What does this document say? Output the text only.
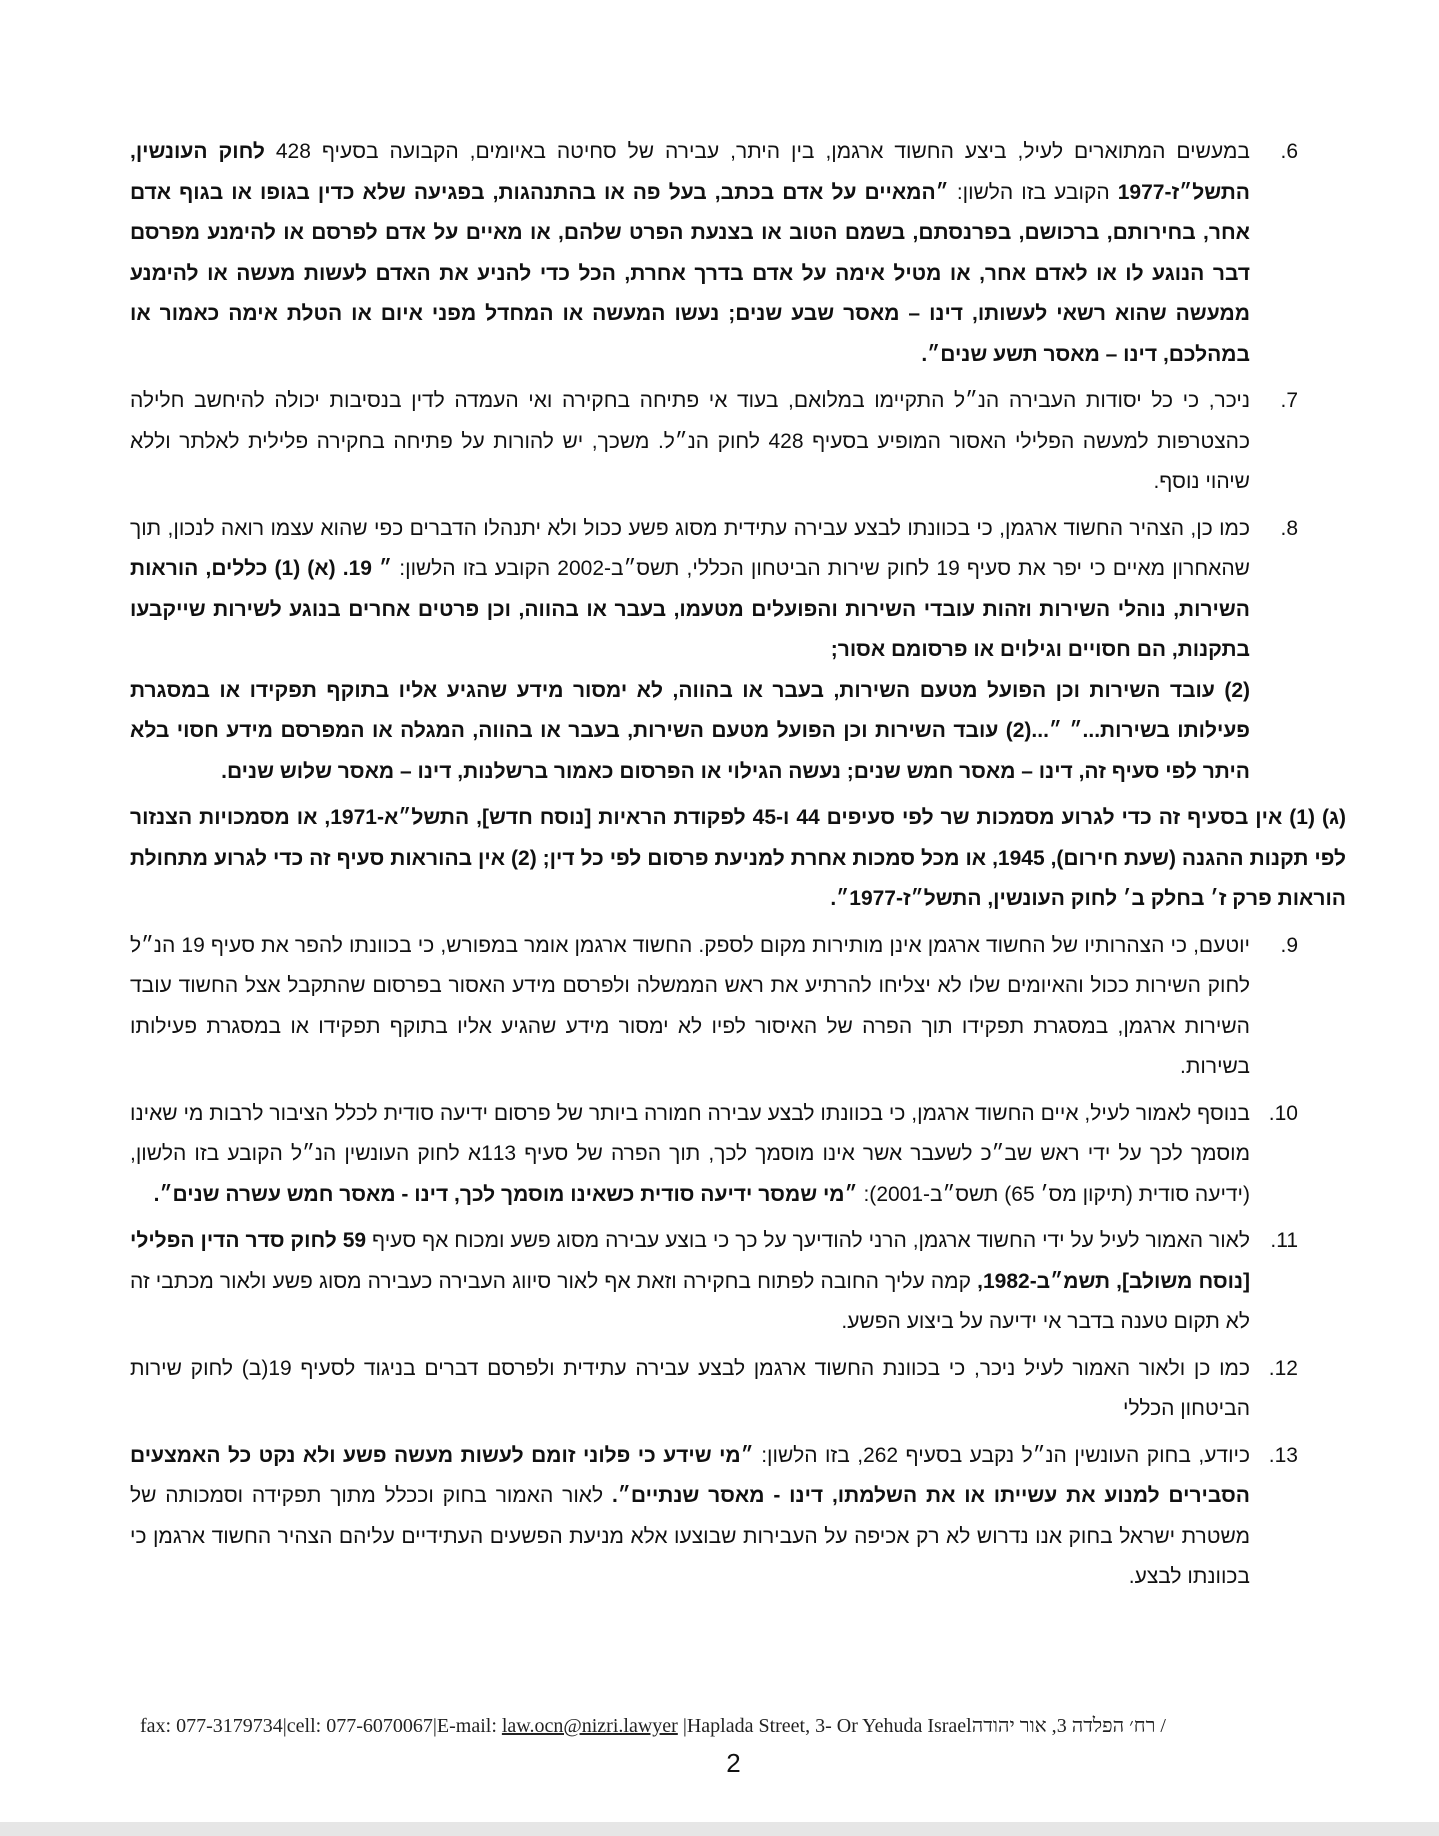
.6
במעשים המתוארים לעיל, ביצע החשוד ארגמן, בין היתר, עבירה של סחיטה באיומים, הקבועה בסעיף 428 לחוק העונשין, התשל״ז-1977 הקובע בזו הלשון: ״המאיים על אדם בכתב, בעל פה או בהתנהגות, בפגיעה שלא כדין בגופו או בגוף אדם אחר, בחירותם, ברכושם, בפרנסתם, בשמם הטוב או בצנעת הפרט שלהם, או מאיים על אדם לפרסם או להימנע מפרסם דבר הנוגע לו או לאדם אחר, או מטיל אימה על אדם בדרך אחרת, הכל כדי להניע את האדם לעשות מעשה או להימנע ממעשה שהוא רשאי לעשותו, דינו – מאסר שבע שנים; נעשו המעשה או המחדל מפני איום או הטלת אימה כאמור או במהלכם, דינו – מאסר תשע שנים״.
.7
ניכר, כי כל יסודות העבירה הנ״ל התקיימו במלואם, בעוד אי פתיחה בחקירה ואי העמדה לדין בנסיבות יכולה להיחשב חלילה כהצטרפות למעשה הפלילי האסור המופיע בסעיף 428 לחוק הנ״ל. משכך, יש להורות על פתיחה בחקירה פלילית לאלתר וללא שיהוי נוסף.
.8
כמו כן, הצהיר החשוד ארגמן, כי בכוונתו לבצע עבירה עתידית מסוג פשע ככול ולא יתנהלו הדברים כפי שהוא עצמו רואה לנכון, תוך שהאחרון מאיים כי יפר את סעיף 19 לחוק שירות הביטחון הכללי, תשס״ב-2002 הקובע בזו הלשון: ״ 19. (א) (1) כללים, הוראות השירות, נוהלי השירות וזהות עובדי השירות והפועלים מטעמו, בעבר או בהווה, וכן פרטים אחרים בנוגע לשירות שייקבעו בתקנות, הם חסויים וגילוים או פרסומם אסור;
(2) עובד השירות וכן הפועל מטעם השירות, בעבר או בהווה, לא ימסור מידע שהגיע אליו בתוקף תפקידו או במסגרת פעילותו בשירות...״ ״...(2) עובד השירות וכן הפועל מטעם השירות, בעבר או בהווה, המגלה או המפרסם מידע חסוי בלא היתר לפי סעיף זה, דינו – מאסר חמש שנים; נעשה הגילוי או הפרסום כאמור ברשלנות, דינו – מאסר שלוש שנים.
(ג) (1) אין בסעיף זה כדי לגרוע מסמכות שר לפי סעיפים 44 ו-45 לפקודת הראיות [נוסח חדש], התשל״א-1971, או מסמכויות הצנזור לפי תקנות ההגנה (שעת חירום), 1945, או מכל סמכות אחרת למניעת פרסום לפי כל דין; (2) אין בהוראות סעיף זה כדי לגרוע מתחולת הוראות פרק ז׳ בחלק ב׳ לחוק העונשין, התשל״ז-1977״.
.9
יוטעם, כי הצהרותיו של החשוד ארגמן אינן מותירות מקום לספק. החשוד ארגמן אומר במפורש, כי בכוונתו להפר את סעיף 19 הנ״ל לחוק השירות ככול והאיומים שלו לא יצליחו להרתיע את ראש הממשלה ולפרסם מידע האסור בפרסום שהתקבל אצל החשוד עובד השירות ארגמן, במסגרת תפקידו תוך הפרה של האיסור לפיו לא ימסור מידע שהגיע אליו בתוקף תפקידו או במסגרת פעילותו בשירות.
.10
בנוסף לאמור לעיל, איים החשוד ארגמן, כי בכוונתו לבצע עבירה חמורה ביותר של פרסום ידיעה סודית לכלל הציבור לרבות מי שאינו מוסמך לכך על ידי ראש שב״כ לשעבר אשר אינו מוסמך לכך, תוך הפרה של סעיף 113א לחוק העונשין הנ״ל הקובע בזו הלשון, (ידיעה סודית (תיקון מס׳ 65) תשס״ב-2001): ״מי שמסר ידיעה סודית כשאינו מוסמך לכך, דינו - מאסר חמש עשרה שנים״.
.11
לאור האמור לעיל על ידי החשוד ארגמן, הרני להודיעך על כך כי בוצע עבירה מסוג פשע ומכוח אף סעיף 59 לחוק סדר הדין הפלילי [נוסח משולב], תשמ״ב-1982, קמה עליך החובה לפתוח בחקירה וזאת אף לאור סיווג העבירה כעבירה מסוג פשע ולאור מכתבי זה לא תקום טענה בדבר אי ידיעה על ביצוע הפשע.
.12
כמו כן ולאור האמור לעיל ניכר, כי בכוונת החשוד ארגמן לבצע עבירה עתידית ולפרסם דברים בניגוד לסעיף 19(ב) לחוק שירות הביטחון הכללי
.13
כיודע, בחוק העונשין הנ״ל נקבע בסעיף 262, בזו הלשון: ״מי שידע כי פלוני זומם לעשות מעשה פשע ולא נקט כל האמצעים הסבירים למנוע את עשייתו או את השלמתו, דינו - מאסר שנתיים״. לאור האמור בחוק וככלל מתוך תפקידה וסמכותה של משטרת ישראל בחוק אנו נדרוש לא רק אכיפה על העבירות שבוצעו אלא מניעת הפשעים העתידיים עליהם הצהיר החשוד ארגמן כי בכוונתו לבצע.
fax: 077-3179734|cell: 077-6070067|E-mail: law.ocn@nizri.lawyer |Haplada Street, 3- Or Yehuda Israel / רח׳ הפלדה 3, אור יהודה
2
